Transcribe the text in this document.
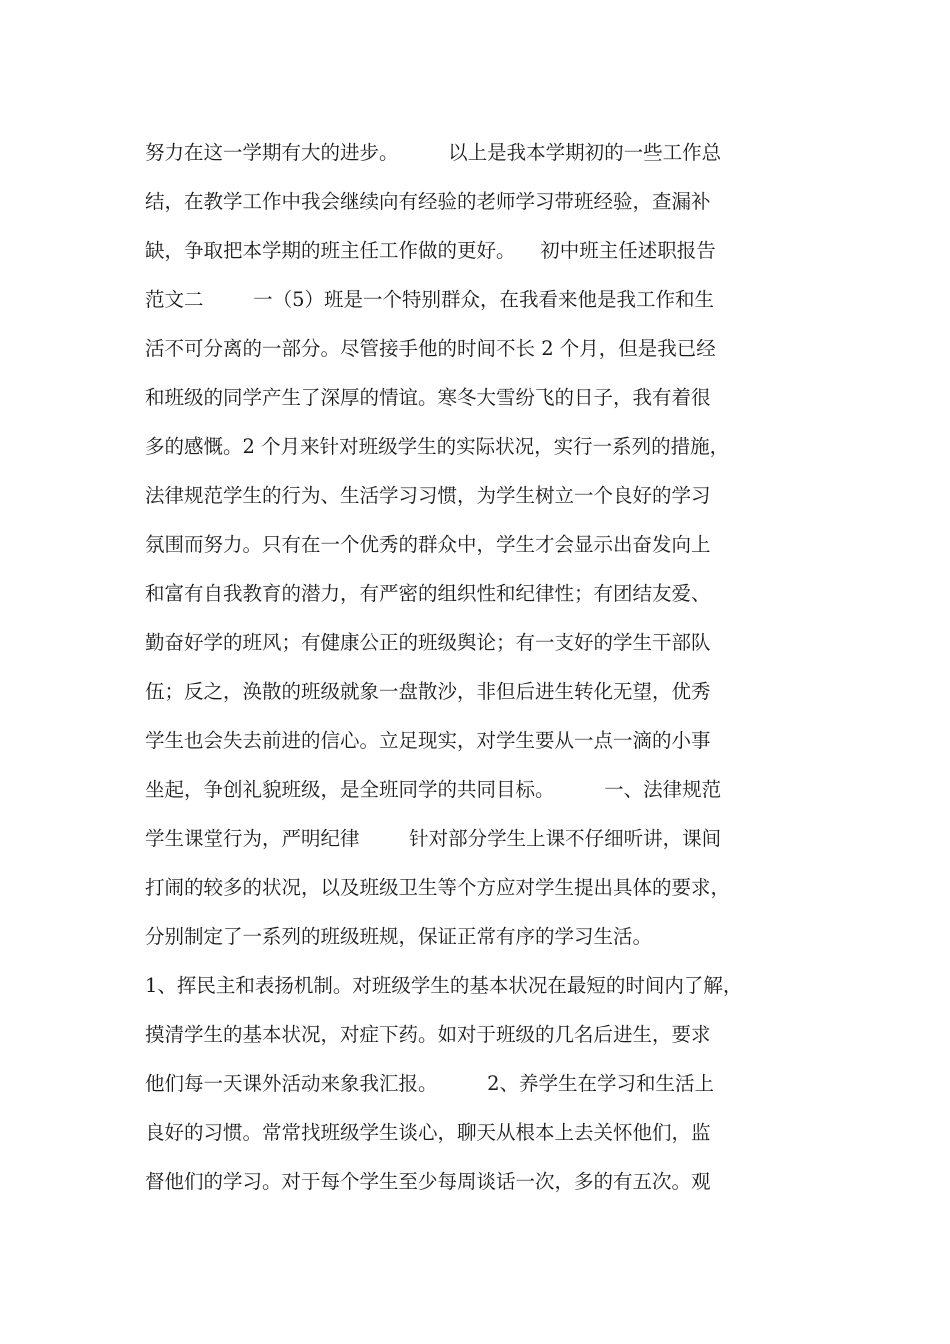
努力在这一学期有大的进步。        以上是我本学期初的一些工作总
结，在教学工作中我会继续向有经验的老师学习带班经验，查漏补
缺，争取把本学期的班主任工作做的更好。    初中班主任述职报告
范文二        一（5）班是一个特别群众，在我看来他是我工作和生
活不可分离的一部分。尽管接手他的时间不长 2 个月，但是我已经
和班级的同学产生了深厚的情谊。寒冬大雪纷飞的日子，我有着很
多的感慨。2 个月来针对班级学生的实际状况，实行一系列的措施，
法律规范学生的行为、生活学习习惯，为学生树立一个良好的学习
氛围而努力。只有在一个优秀的群众中，学生才会显示出奋发向上
和富有自我教育的潜力，有严密的组织性和纪律性；有团结友爱、
勤奋好学的班风；有健康公正的班级舆论；有一支好的学生干部队
伍；反之，涣散的班级就象一盘散沙，非但后进生转化无望，优秀
学生也会失去前进的信心。立足现实，对学生要从一点一滴的小事
坐起，争创礼貌班级，是全班同学的共同目标。        一、法律规范
学生课堂行为，严明纪律        针对部分学生上课不仔细听讲，课间
打闹的较多的状况，以及班级卫生等个方应对学生提出具体的要求，
分别制定了一系列的班级班规，保证正常有序的学习生活。
1、挥民主和表扬机制。对班级学生的基本状况在最短的时间内了解，
摸清学生的基本状况，对症下药。如对于班级的几名后进生，要求
他们每一天课外活动来象我汇报。        2、养学生在学习和生活上
良好的习惯。常常找班级学生谈心，聊天从根本上去关怀他们，监
督他们的学习。对于每个学生至少每周谈话一次，多的有五次。观
